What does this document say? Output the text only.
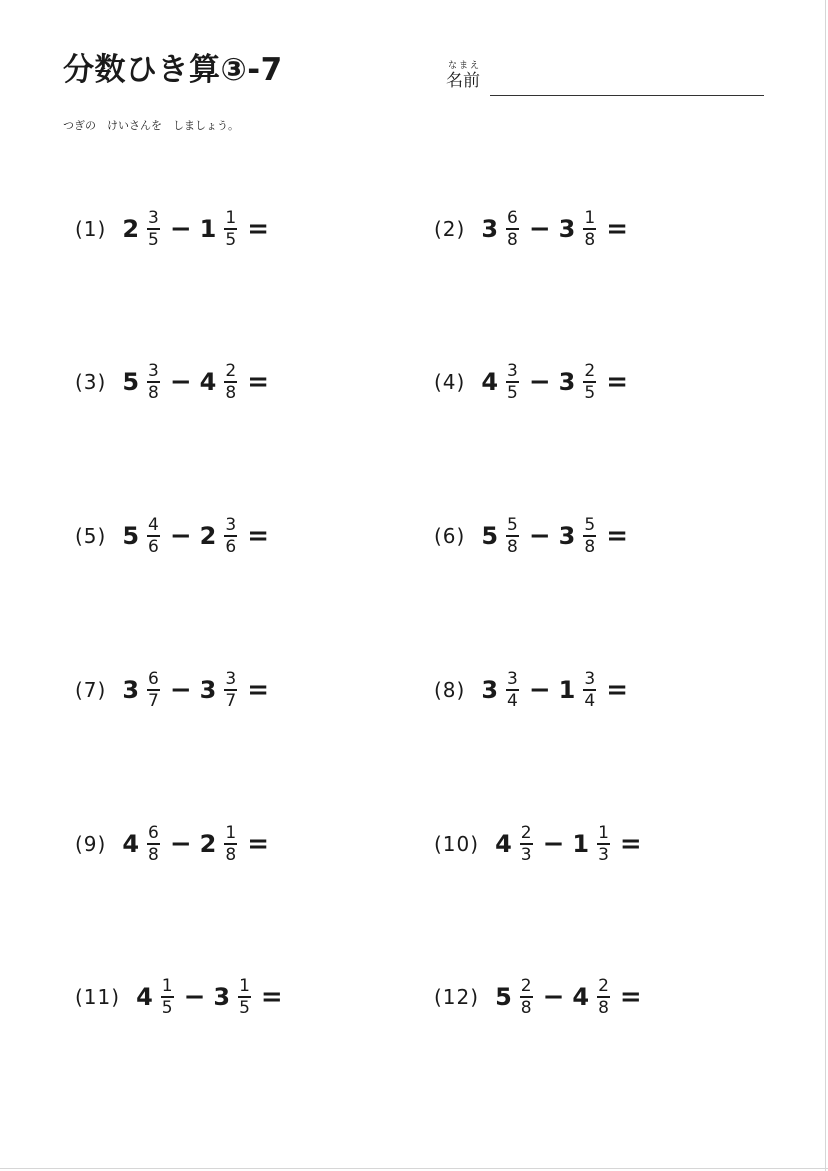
分数ひき算③-7	なまえ
名前
つぎの　けいさんを　しましょう。
(1) $2 \frac{3}{5} - 1 \frac{1}{5}$ =	(2) $3 \frac{6}{8} - 3 \frac{1}{8}$ =
(3) $5 \frac{3}{8} - 4 \frac{2}{8}$ =	(4) $4 \frac{3}{5} - 3 \frac{2}{5}$ =
(5) $5 \frac{4}{6} - 2 \frac{3}{6}$ =	(6) $5 \frac{5}{8} - 3 \frac{5}{8}$ =
(7) $3 \frac{6}{7} - 3 \frac{3}{7}$ =	(8) $3 \frac{3}{4} - 1 \frac{3}{4}$ =
(9) $4 \frac{6}{8} - 2 \frac{1}{8}$ =	(10) $4 \frac{2}{3} - 1 \frac{1}{3}$ =
(11) $4 \frac{1}{5} - 3 \frac{1}{5}$ =	(12) $5 \frac{2}{8} - 4 \frac{2}{8}$ =
